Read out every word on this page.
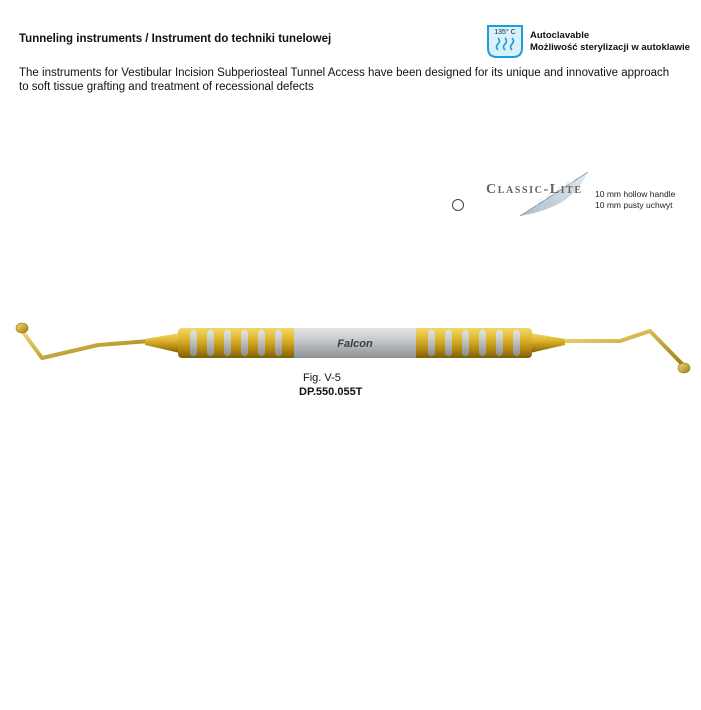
Tunneling instruments / Instrument do techniki tunelowej
135° C Autoclavable
Możliwość sterylizacji w autoklawie
The instruments for Vestibular Incision Subperiosteal Tunnel Access have been designed for its unique and innovative approach
to soft tissue grafting and treatment of recessional defects
Classic-Lite 10 mm hollow handle
10 mm pusty uchwyt
Falcon
Fig. V-5
DP.550.055T
